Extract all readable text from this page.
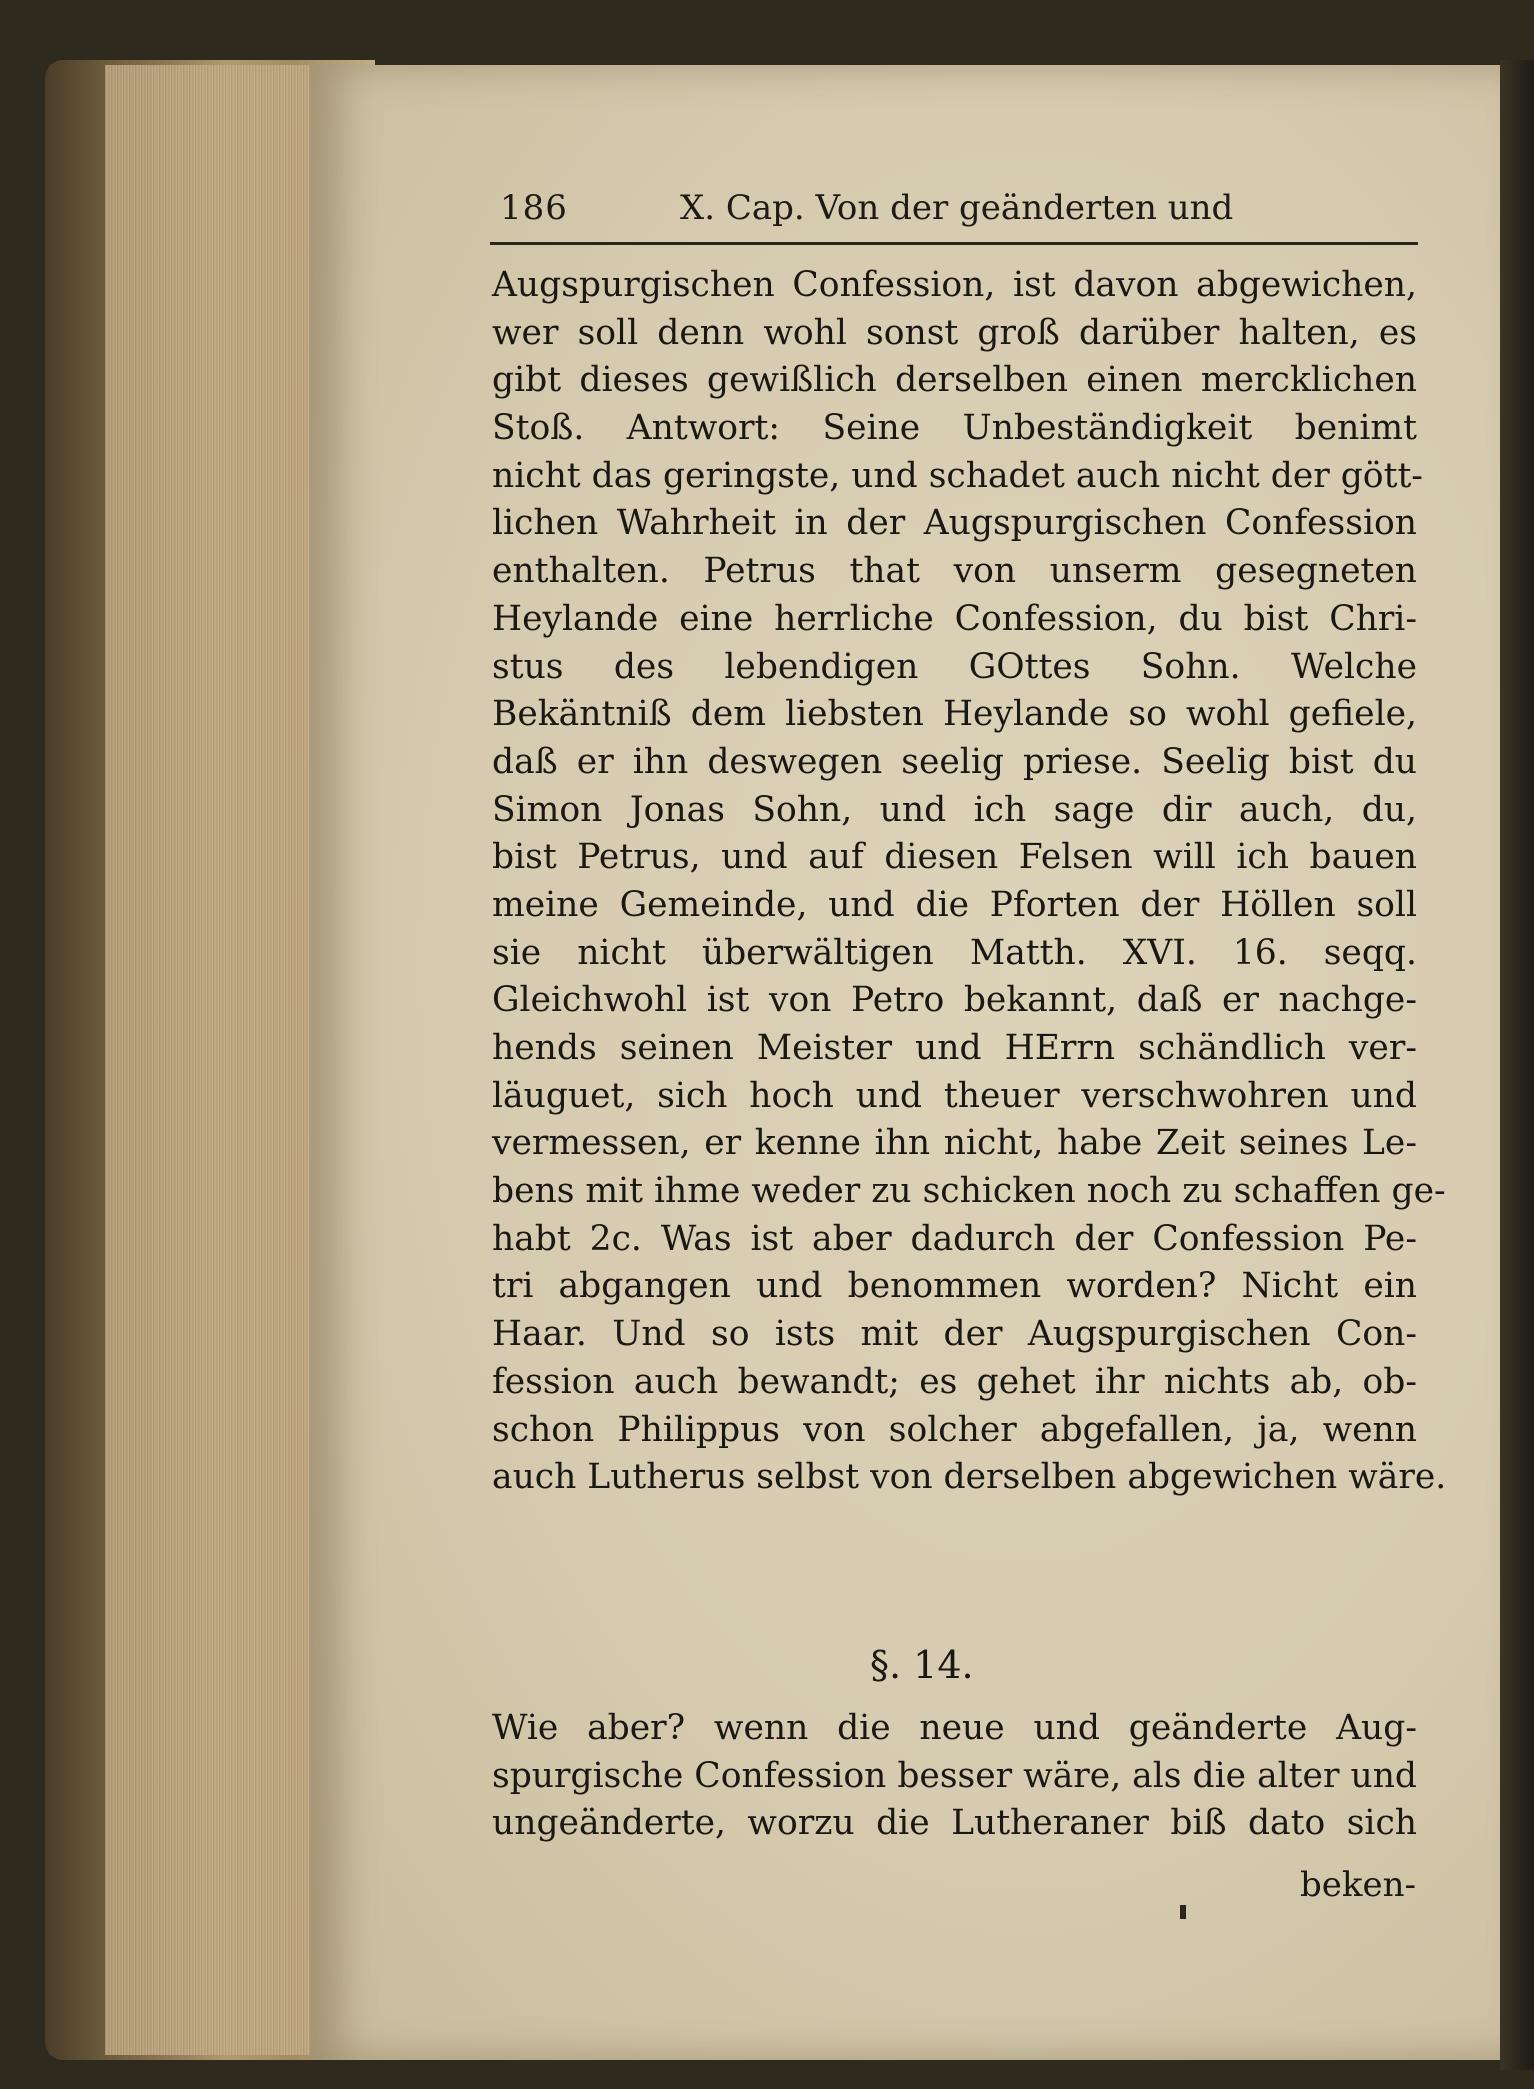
186	X. Cap. Von der geänderten und
Augspurgischen Confession, ist davon abgewichen,
wer soll denn wohl sonst groß darüber halten, es
gibt dieses gewißlich derselben einen mercklichen
Stoß. Antwort: Seine Unbeständigkeit benimt
nicht das geringste, und schadet auch nicht der gött-
lichen Wahrheit in der Augspurgischen Confession
enthalten. Petrus that von unserm gesegneten
Heylande eine herrliche Confession, du bist Chri-
stus des lebendigen GOttes Sohn. Welche
Bekäntniß dem liebsten Heylande so wohl gefiele,
daß er ihn deswegen seelig priese. Seelig bist du
Simon Jonas Sohn, und ich sage dir auch, du,
bist Petrus, und auf diesen Felsen will ich bauen
meine Gemeinde, und die Pforten der Höllen soll
sie nicht überwältigen Matth. XVI. 16. seqq.
Gleichwohl ist von Petro bekannt, daß er nachge-
hends seinen Meister und HErrn schändlich ver-
läuguet, sich hoch und theuer verschwohren und
vermessen, er kenne ihn nicht, habe Zeit seines Le-
bens mit ihme weder zu schicken noch zu schaffen ge-
habt 2c. Was ist aber dadurch der Confession Pe-
tri abgangen und benommen worden? Nicht ein
Haar. Und so ists mit der Augspurgischen Con-
fession auch bewandt; es gehet ihr nichts ab, ob-
schon Philippus von solcher abgefallen, ja, wenn
auch Lutherus selbst von derselben abgewichen wäre.
§. 14.
Wie aber? wenn die neue und geänderte Aug-
spurgische Confession besser wäre, als die alter und
ungeänderte, worzu die Lutheraner biß dato sich
beken-
